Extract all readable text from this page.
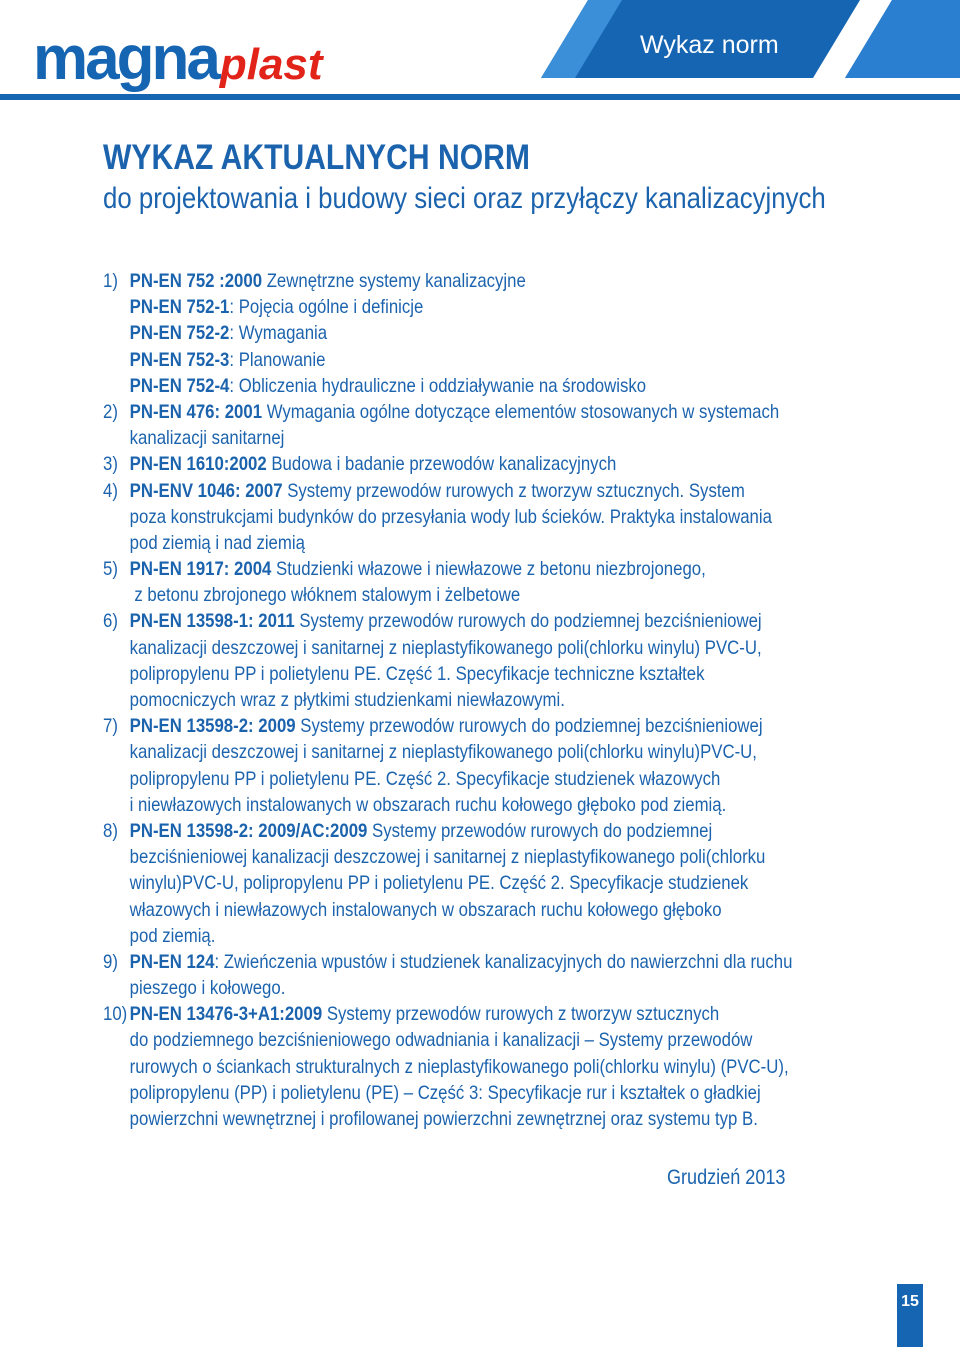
magna plast	Wykaz norm
WYKAZ AKTUALNYCH NORM
do projektowania i budowy sieci oraz przyłączy kanalizacyjnych
1) PN-EN 752 :2000 Zewnętrzne systemy kanalizacyjne
PN-EN 752-1: Pojęcia ogólne i definicje
PN-EN 752-2: Wymagania
PN-EN 752-3: Planowanie
PN-EN 752-4: Obliczenia hydrauliczne i oddziaływanie na środowisko
2) PN-EN 476: 2001 Wymagania ogólne dotyczące elementów stosowanych w systemach
kanalizacji sanitarnej
3) PN-EN 1610:2002 Budowa i badanie przewodów kanalizacyjnych
4) PN-ENV 1046: 2007 Systemy przewodów rurowych z tworzyw sztucznych. System
poza konstrukcjami budynków do przesyłania wody lub ścieków. Praktyka instalowania
pod ziemią i nad ziemią
5) PN-EN 1917: 2004 Studzienki włazowe i niewłazowe z betonu niezbrojonego,
z betonu zbrojonego włóknem stalowym i żelbetowe
6) PN-EN 13598-1: 2011 Systemy przewodów rurowych do podziemnej bezciśnieniowej
kanalizacji deszczowej i sanitarnej z nieplastyfikowanego poli(chlorku winylu) PVC-U,
polipropylenu PP i polietylenu PE. Część 1. Specyfikacje techniczne kształtek
pomocniczych wraz z płytkimi studzienkami niewłazowymi.
7) PN-EN 13598-2: 2009 Systemy przewodów rurowych do podziemnej bezciśnieniowej
kanalizacji deszczowej i sanitarnej z nieplastyfikowanego poli(chlorku winylu)PVC-U,
polipropylenu PP i polietylenu PE. Część 2. Specyfikacje studzienek włazowych
i niewłazowych instalowanych w obszarach ruchu kołowego głęboko pod ziemią.
8) PN-EN 13598-2: 2009/AC:2009 Systemy przewodów rurowych do podziemnej
bezciśnieniowej kanalizacji deszczowej i sanitarnej z nieplastyfikowanego poli(chlorku
winylu)PVC-U, polipropylenu PP i polietylenu PE. Część 2. Specyfikacje studzienek
włazowych i niewłazowych instalowanych w obszarach ruchu kołowego głęboko
pod ziemią.
9) PN-EN 124: Zwieńczenia wpustów i studzienek kanalizacyjnych do nawierzchni dla ruchu
pieszego i kołowego.
10) PN-EN 13476-3+A1:2009 Systemy przewodów rurowych z tworzyw sztucznych
do podziemnego bezciśnieniowego odwadniania i kanalizacji – Systemy przewodów
rurowych o ściankach strukturalnych z nieplastyfikowanego poli(chlorku winylu) (PVC-U),
polipropylenu (PP) i polietylenu (PE) – Część 3: Specyfikacje rur i kształtek o gładkiej
powierzchni wewnętrznej i profilowanej powierzchni zewnętrznej oraz systemu typ B.
Grudzień 2013
15
